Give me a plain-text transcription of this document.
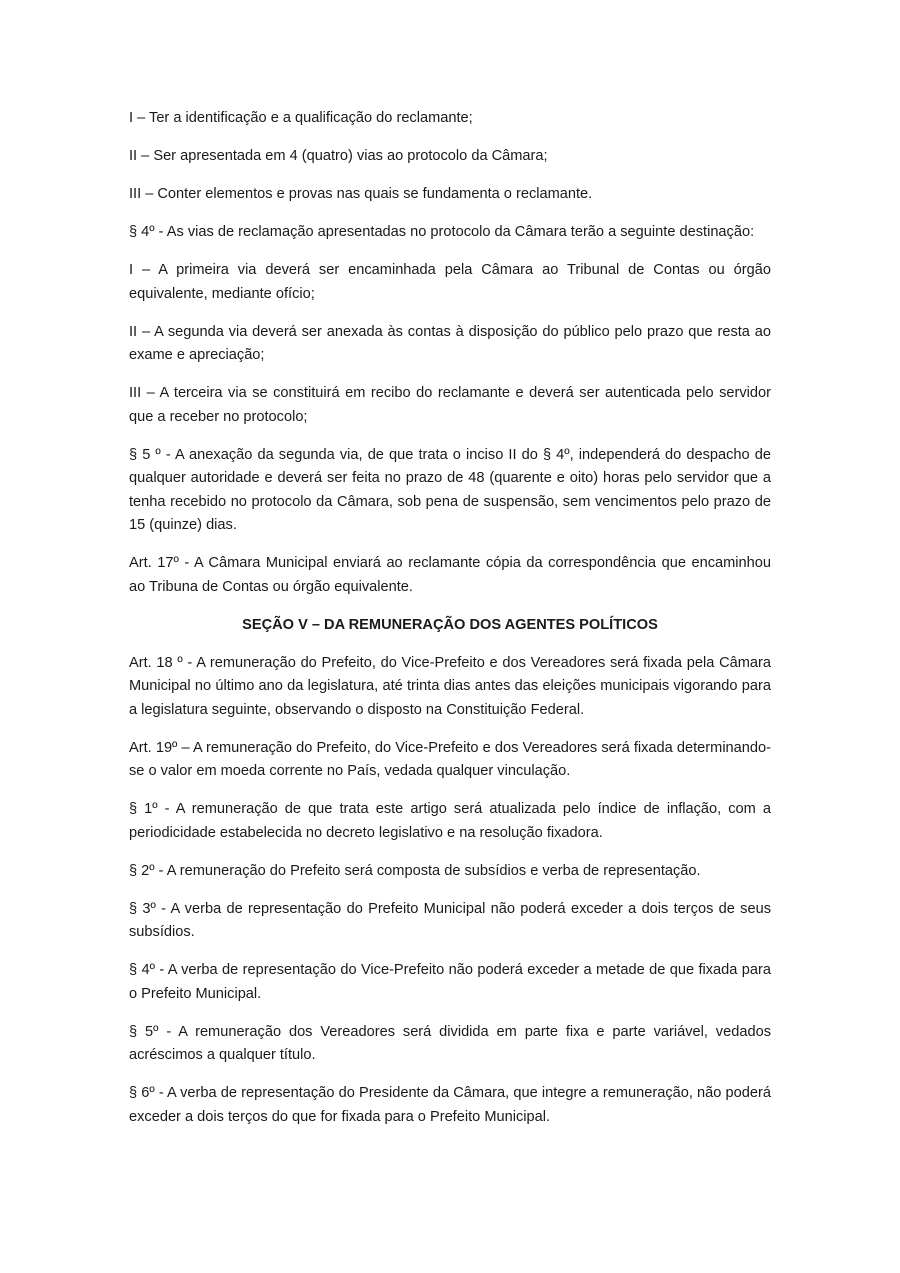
I – Ter a identificação e a qualificação do reclamante;

II – Ser apresentada em 4 (quatro) vias ao protocolo da Câmara;

III – Conter elementos e provas nas quais se fundamenta o reclamante.

§ 4º - As vias de reclamação apresentadas no protocolo da Câmara terão a seguinte destinação:

I – A primeira via deverá ser encaminhada pela Câmara ao Tribunal de Contas ou órgão equivalente, mediante ofício;

II – A segunda via deverá ser anexada às contas à disposição do público pelo prazo que resta ao exame e apreciação;

III – A terceira via se constituirá em recibo do reclamante e deverá ser autenticada pelo servidor que a receber no protocolo;

§ 5 º - A anexação da segunda via, de que trata o inciso II do § 4º, independerá do despacho de qualquer autoridade e deverá ser feita no prazo de 48 (quarente e oito) horas pelo servidor que a tenha recebido no protocolo da Câmara, sob pena de suspensão, sem vencimentos pelo prazo de 15 (quinze) dias.

Art. 17º - A Câmara Municipal enviará ao reclamante cópia da correspondência que encaminhou ao Tribuna de Contas ou órgão equivalente.

SEÇÃO V – DA REMUNERAÇÃO DOS AGENTES POLÍTICOS

Art. 18 º - A remuneração do Prefeito, do Vice-Prefeito e dos Vereadores será fixada pela Câmara Municipal no último ano da legislatura, até trinta dias antes das eleições municipais vigorando para a legislatura seguinte, observando o disposto na Constituição Federal.

Art. 19º – A remuneração do Prefeito, do Vice-Prefeito e dos Vereadores será fixada determinando-se o valor em moeda corrente no País, vedada qualquer vinculação.

§ 1º - A remuneração de que trata este artigo será atualizada pelo índice de inflação, com a periodicidade estabelecida no decreto legislativo e na resolução fixadora.

§ 2º - A remuneração do Prefeito será composta de subsídios e verba de representação.

§ 3º - A verba de representação do Prefeito Municipal não poderá exceder a dois terços de seus subsídios.

§ 4º - A verba de representação do Vice-Prefeito não poderá exceder a metade de que fixada para o Prefeito Municipal.

§ 5º - A remuneração dos Vereadores será dividida em parte fixa e parte variável, vedados acréscimos a qualquer título.

§ 6º - A verba de representação do Presidente da Câmara, que integre a remuneração, não poderá exceder a dois terços do que for fixada para o Prefeito Municipal.
